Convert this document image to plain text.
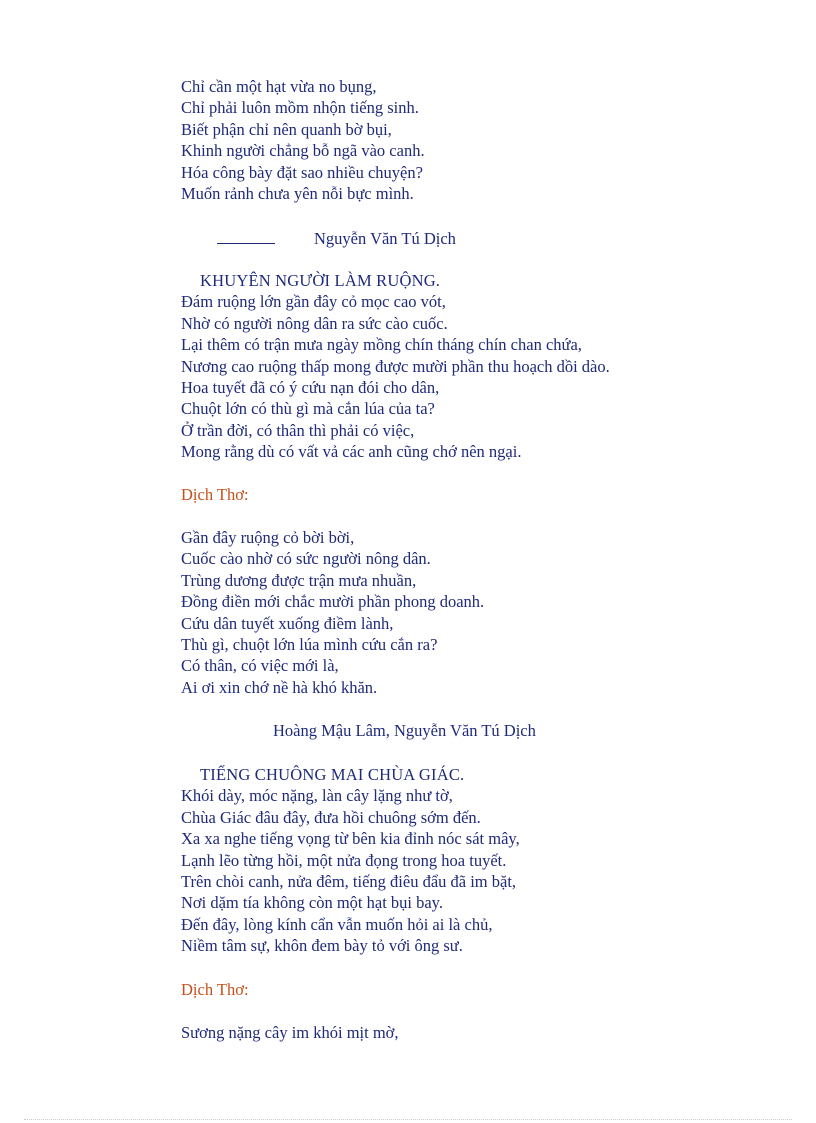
Chỉ cần một hạt vừa no bụng,
Chỉ phải luôn mồm nhộn tiếng sinh.
Biết phận chỉ nên quanh bờ bụi,
Khinh người chẳng bỗ ngã vào canh.
Hóa công bày đặt sao nhiều chuyện?
Muốn rảnh chưa yên nỗi bực mình.
Nguyễn Văn Tú Dịch
KHUYÊN NGƯỜI LÀM RUỘNG.
Đám ruộng lớn gần đây cỏ mọc cao vót,
Nhờ có người nông dân ra sức cào cuốc.
Lại thêm có trận mưa ngày mồng chín tháng chín chan chứa,
Nương cao ruộng thấp mong được mười phần thu hoạch dồi dào.
Hoa tuyết đã có ý cứu nạn đói cho dân,
Chuột lớn có thù gì mà cắn lúa của ta?
Ở trần đời, có thân thì phải có việc,
Mong rằng dù có vất vả các anh cũng chớ nên ngại.
Dịch Thơ:
Gần đây ruộng cỏ bời bời,
Cuốc cào nhờ có sức người nông dân.
Trùng dương được trận mưa nhuần,
Đồng điền mới chắc mười phần phong doanh.
Cứu dân tuyết xuống điềm lành,
Thù gì, chuột lớn lúa mình cứu cắn ra?
Có thân, có việc mới là,
Ai ơi xin chớ nề hà khó khăn.
Hoàng Mậu Lâm, Nguyễn Văn Tú Dịch
TIẾNG CHUÔNG MAI CHÙA GIÁC.
Khói dày, móc nặng, làn cây lặng như tờ,
Chùa Giác đâu đây, đưa hồi chuông sớm đến.
Xa xa nghe tiếng vọng từ bên kia đỉnh nóc sát mây,
Lạnh lẽo từng hồi, một nửa đọng trong hoa tuyết.
Trên chòi canh, nửa đêm, tiếng điêu đẩu đã im bặt,
Nơi dặm tía không còn một hạt bụi bay.
Đến đây, lòng kính cẩn vẫn muốn hỏi ai là chủ,
Niềm tâm sự, khôn đem bày tỏ với ông sư.
Dịch Thơ:
Sương nặng cây im khói mịt mờ,
